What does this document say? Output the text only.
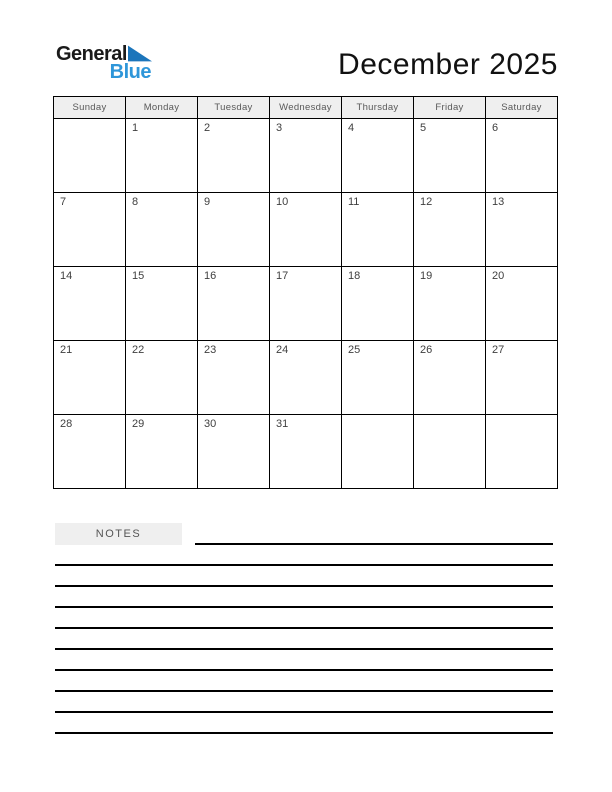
General
Blue	December 2025
Sunday	Monday	Tuesday	Wednesday	Thursday	Friday	Saturday
	1	2	3	4	5	6
7	8	9	10	11	12	13
14	15	16	17	18	19	20
21	22	23	24	25	26	27
28	29	30	31			
NOTES
